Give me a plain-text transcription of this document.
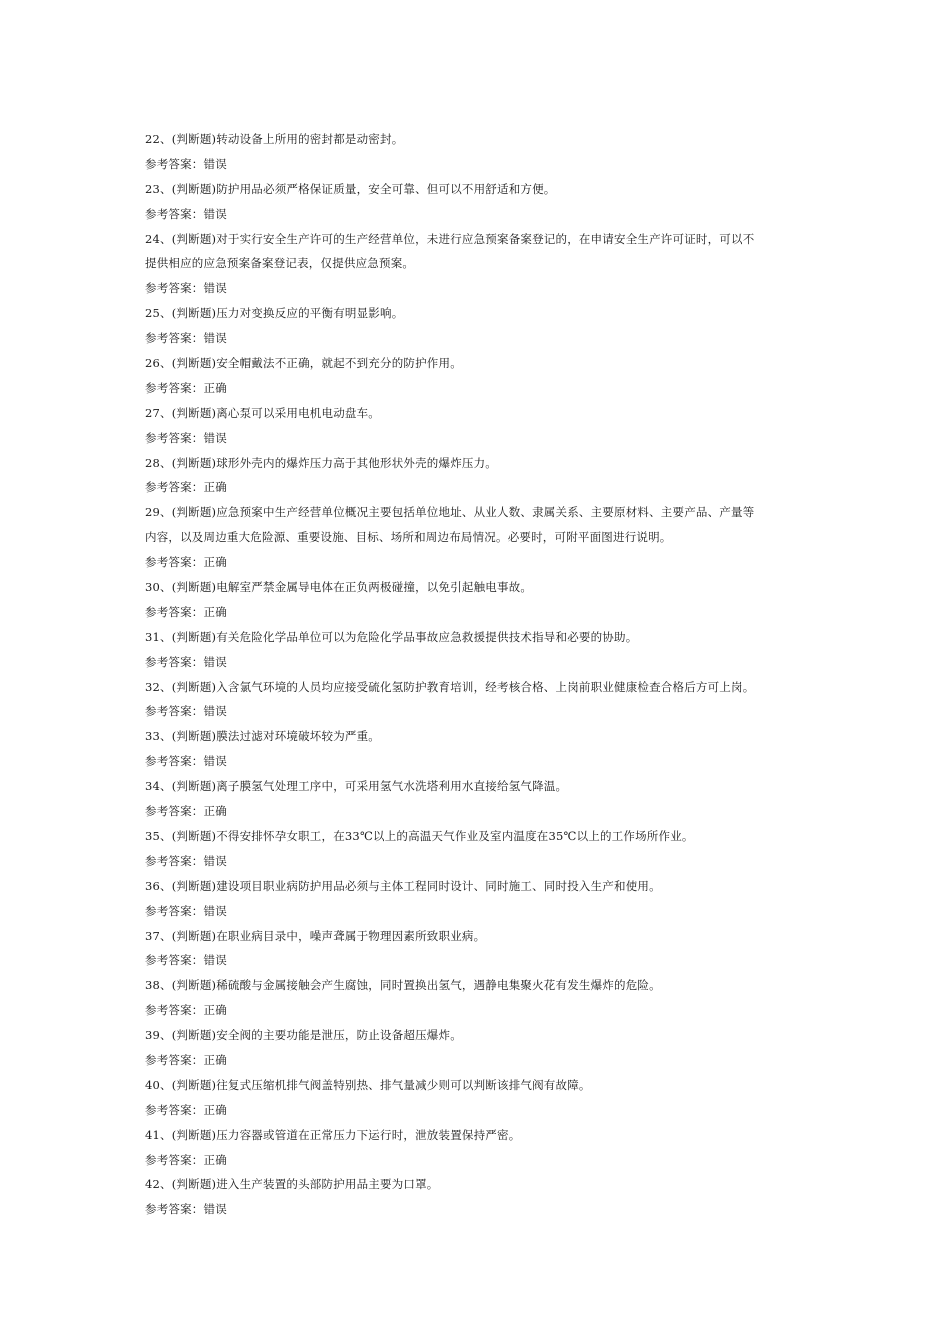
22、(判断题)转动设备上所用的密封都是动密封。
参考答案：错误
23、(判断题)防护用品必须严格保证质量，安全可靠、但可以不用舒适和方便。
参考答案：错误
24、(判断题)对于实行安全生产许可的生产经营单位，未进行应急预案备案登记的，在申请安全生产许可证时，可以不
提供相应的应急预案备案登记表，仅提供应急预案。
参考答案：错误
25、(判断题)压力对变换反应的平衡有明显影响。
参考答案：错误
26、(判断题)安全帽戴法不正确，就起不到充分的防护作用。
参考答案：正确
27、(判断题)离心泵可以采用电机电动盘车。
参考答案：错误
28、(判断题)球形外壳内的爆炸压力高于其他形状外壳的爆炸压力。
参考答案：正确
29、(判断题)应急预案中生产经营单位概况主要包括单位地址、从业人数、隶属关系、主要原材料、主要产品、产量等
内容，以及周边重大危险源、重要设施、目标、场所和周边布局情况。必要时，可附平面图进行说明。
参考答案：正确
30、(判断题)电解室严禁金属导电体在正负两极碰撞，以免引起触电事故。
参考答案：正确
31、(判断题)有关危险化学品单位可以为危险化学品事故应急救援提供技术指导和必要的协助。
参考答案：错误
32、(判断题)入含氯气环境的人员均应接受硫化氢防护教育培训，经考核合格、上岗前职业健康检查合格后方可上岗。
参考答案：错误
33、(判断题)膜法过滤对环境破坏较为严重。
参考答案：错误
34、(判断题)离子膜氢气处理工序中，可采用氢气水洗塔利用水直接给氢气降温。
参考答案：正确
35、(判断题)不得安排怀孕女职工，在33℃以上的高温天气作业及室内温度在35℃以上的工作场所作业。
参考答案：错误
36、(判断题)建设项目职业病防护用品必须与主体工程同时设计、同时施工、同时投入生产和使用。
参考答案：错误
37、(判断题)在职业病目录中，噪声聋属于物理因素所致职业病。
参考答案：错误
38、(判断题)稀硫酸与金属接触会产生腐蚀，同时置换出氢气，遇静电集聚火花有发生爆炸的危险。
参考答案：正确
39、(判断题)安全阀的主要功能是泄压，防止设备超压爆炸。
参考答案：正确
40、(判断题)往复式压缩机排气阀盖特别热、排气量减少则可以判断该排气阀有故障。
参考答案：正确
41、(判断题)压力容器或管道在正常压力下运行时，泄放装置保持严密。
参考答案：正确
42、(判断题)进入生产装置的头部防护用品主要为口罩。
参考答案：错误
